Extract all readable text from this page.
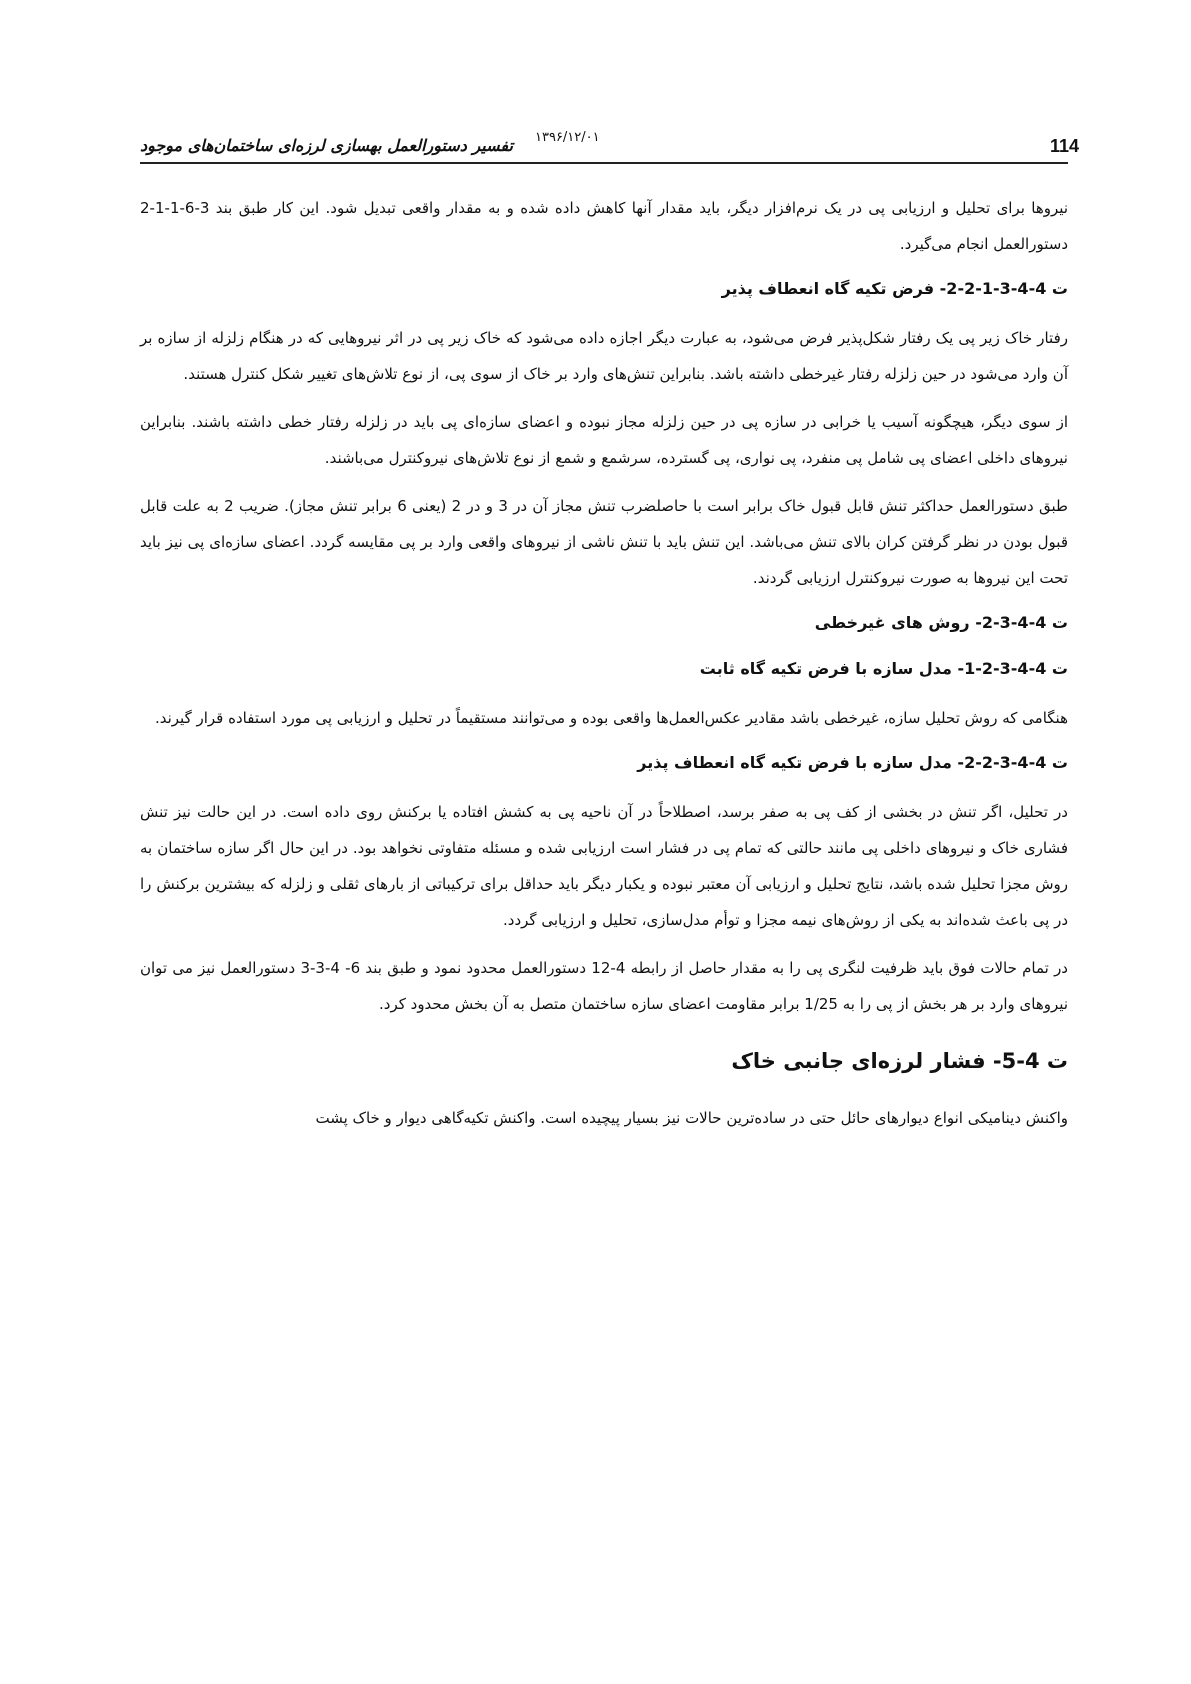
114
۱۳۹۶/۱۲/۰۱
تفسیر دستورالعمل بهسازی لرزه‌ای ساختمان‌های موجود

نیروها برای تحلیل و ارزیابی پی در یک نرم‌افزار دیگر، باید مقدار آنها کاهش داده شده و به مقدار واقعی تبدیل شود. این کار طبق بند 3-6-1-1-2 دستورالعمل انجام می‌گیرد.

ت 4-4-3-1-2-2- فرض تکیه گاه انعطاف پذیر

رفتار خاک زیر پی یک رفتار شکل‌پذیر فرض می‌شود، به عبارت دیگر اجازه داده می‌شود که خاک زیر پی در اثر نیروهایی که در هنگام زلزله از سازه بر آن وارد می‌شود در حین زلزله رفتار غیرخطی داشته باشد. بنابراین تنش‌های وارد بر خاک از سوی پی، از نوع تلاش‌های تغییر شکل کنترل هستند.

از سوی دیگر، هیچگونه آسیب یا خرابی در سازه پی در حین زلزله مجاز نبوده و اعضای سازه‌ای پی باید در زلزله رفتار خطی داشته باشند. بنابراین نیروهای داخلی اعضای پی شامل پی منفرد، پی نواری، پی گسترده، سرشمع و شمع از نوع تلاش‌های نیروکنترل می‌باشند.

طبق دستورالعمل حداکثر تنش قابل قبول خاک برابر است با حاصلضرب تنش مجاز آن در 3 و در 2 (یعنی 6 برابر تنش مجاز). ضریب 2 به علت قابل قبول بودن در نظر گرفتن کران بالای تنش می‌باشد. این تنش باید با تنش ناشی از نیروهای واقعی وارد بر پی مقایسه گردد. اعضای سازه‌ای پی نیز باید تحت این نیروها به صورت نیروکنترل ارزیابی گردند.

ت 4-4-3-2- روش های غیرخطی
ت 4-4-3-2-1- مدل سازه با فرض تکیه گاه ثابت

هنگامی که روش تحلیل سازه، غیرخطی باشد مقادیر عکس‌العمل‌ها واقعی بوده و می‌توانند مستقیماً در تحلیل و ارزیابی پی مورد استفاده قرار گیرند.

ت 4-4-3-2-2- مدل سازه با فرض تکیه گاه انعطاف پذیر

در تحلیل، اگر تنش در بخشی از کف پی به صفر برسد، اصطلاحاً در آن ناحیه پی به کشش افتاده یا برکنش روی داده است. در این حالت نیز تنش فشاری خاک و نیروهای داخلی پی مانند حالتی که تمام پی در فشار است ارزیابی شده و مسئله متفاوتی نخواهد بود. در این حال اگر سازه ساختمان به روش مجزا تحلیل شده باشد، نتایج تحلیل و ارزیابی آن معتبر نبوده و یکبار دیگر باید حداقل برای ترکیباتی از بارهای ثقلی و زلزله که بیشترین برکنش را در پی باعث شده‌اند به یکی از روش‌های نیمه مجزا و توأم مدل‌سازی، تحلیل و ارزیابی گردد.

در تمام حالات فوق باید ظرفیت لنگری پی را به مقدار حاصل از رابطه 4-12 دستورالعمل محدود نمود و طبق بند 6- 4-3-3 دستورالعمل نیز می توان نیروهای وارد بر هر بخش از پی را به 1/25 برابر مقاومت اعضای سازه ساختمان متصل به آن بخش محدود کرد.

ت 4-5- فشار لرزه‌ای جانبی خاک

واکنش دینامیکی انواع دیوارهای حائل حتی در ساده‌ترین حالات نیز بسیار پیچیده است. واکنش تکیه‌گاهی دیوار و خاک پشت
